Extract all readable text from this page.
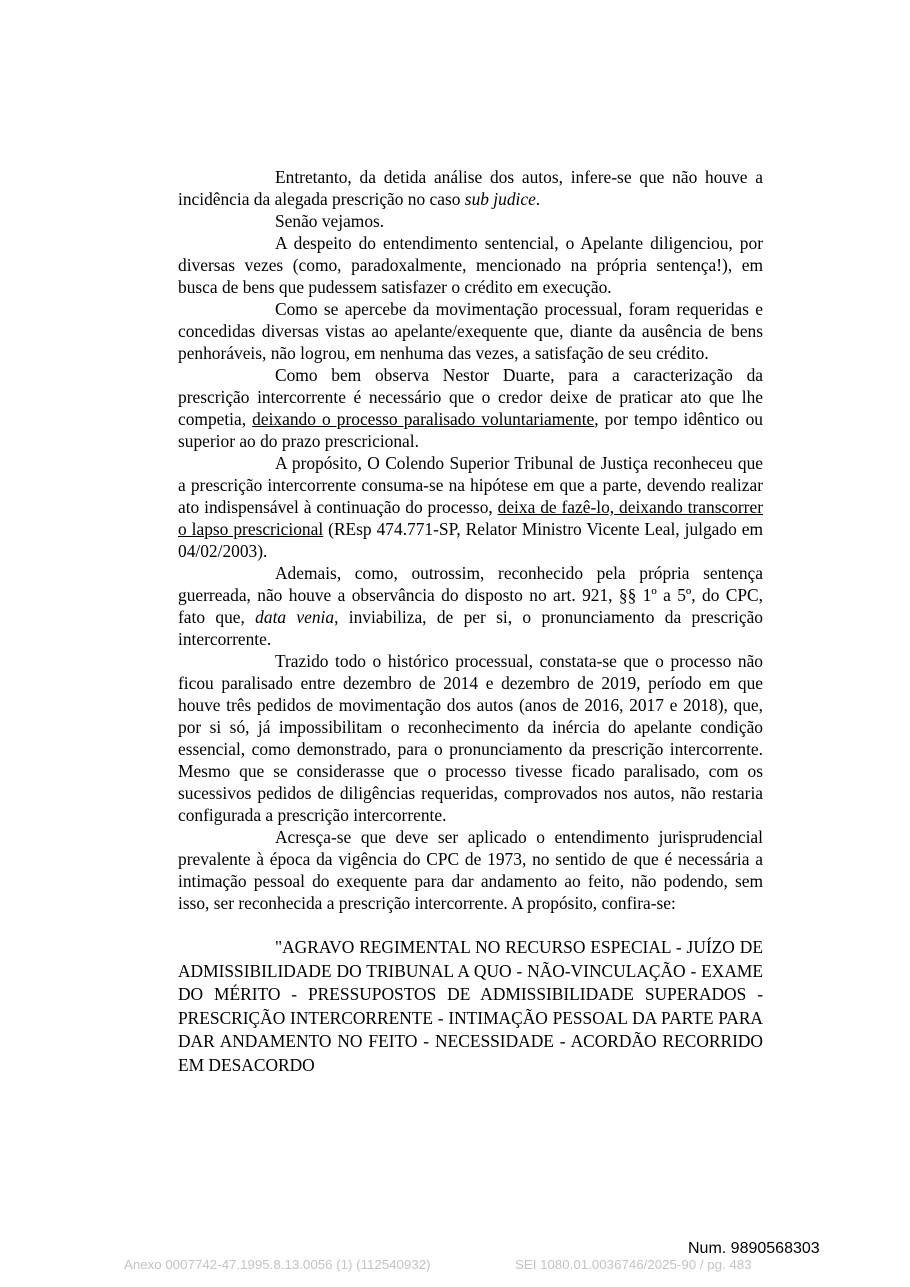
Entretanto, da detida análise dos autos, infere-se que não houve a incidência da alegada prescrição no caso sub judice.

Senão vejamos.

A despeito do entendimento sentencial, o Apelante diligenciou, por diversas vezes (como, paradoxalmente, mencionado na própria sentença!), em busca de bens que pudessem satisfazer o crédito em execução.

Como se apercebe da movimentação processual, foram requeridas e concedidas diversas vistas ao apelante/exequente que, diante da ausência de bens penhoráveis, não logrou, em nenhuma das vezes, a satisfação de seu crédito.

Como bem observa Nestor Duarte, para a caracterização da prescrição intercorrente é necessário que o credor deixe de praticar ato que lhe competia, deixando o processo paralisado voluntariamente, por tempo idêntico ou superior ao do prazo prescricional.

A propósito, O Colendo Superior Tribunal de Justiça reconheceu que a prescrição intercorrente consuma-se na hipótese em que a parte, devendo realizar ato indispensável à continuação do processo, deixa de fazê-lo, deixando transcorrer o lapso prescricional (REsp 474.771-SP, Relator Ministro Vicente Leal, julgado em 04/02/2003).

Ademais, como, outrossim, reconhecido pela própria sentença guerreada, não houve a observância do disposto no art. 921, §§ 1º a 5º, do CPC, fato que, data venia, inviabiliza, de per si, o pronunciamento da prescrição intercorrente.

Trazido todo o histórico processual, constata-se que o processo não ficou paralisado entre dezembro de 2014 e dezembro de 2019, período em que houve três pedidos de movimentação dos autos (anos de 2016, 2017 e 2018), que, por si só, já impossibilitam o reconhecimento da inércia do apelante condição essencial, como demonstrado, para o pronunciamento da prescrição intercorrente. Mesmo que se considerasse que o processo tivesse ficado paralisado, com os sucessivos pedidos de diligências requeridas, comprovados nos autos, não restaria configurada a prescrição intercorrente.

Acresça-se que deve ser aplicado o entendimento jurisprudencial prevalente à época da vigência do CPC de 1973, no sentido de que é necessária a intimação pessoal do exequente para dar andamento ao feito, não podendo, sem isso, ser reconhecida a prescrição intercorrente. A propósito, confira-se:

"AGRAVO REGIMENTAL NO RECURSO ESPECIAL - JUÍZO DE ADMISSIBILIDADE DO TRIBUNAL A QUO - NÃO-VINCULAÇÃO - EXAME DO MÉRITO - PRESSUPOSTOS DE ADMISSIBILIDADE SUPERADOS - PRESCRIÇÃO INTERCORRENTE - INTIMAÇÃO PESSOAL DA PARTE PARA DAR ANDAMENTO NO FEITO - NECESSIDADE - ACORDÃO RECORRIDO EM DESACORDO

Num. 9890568303
Anexo 0007742-47.1995.8.13.0056 (1) (112540932)	SEI 1080.01.0036746/2025-90 / pg. 483
